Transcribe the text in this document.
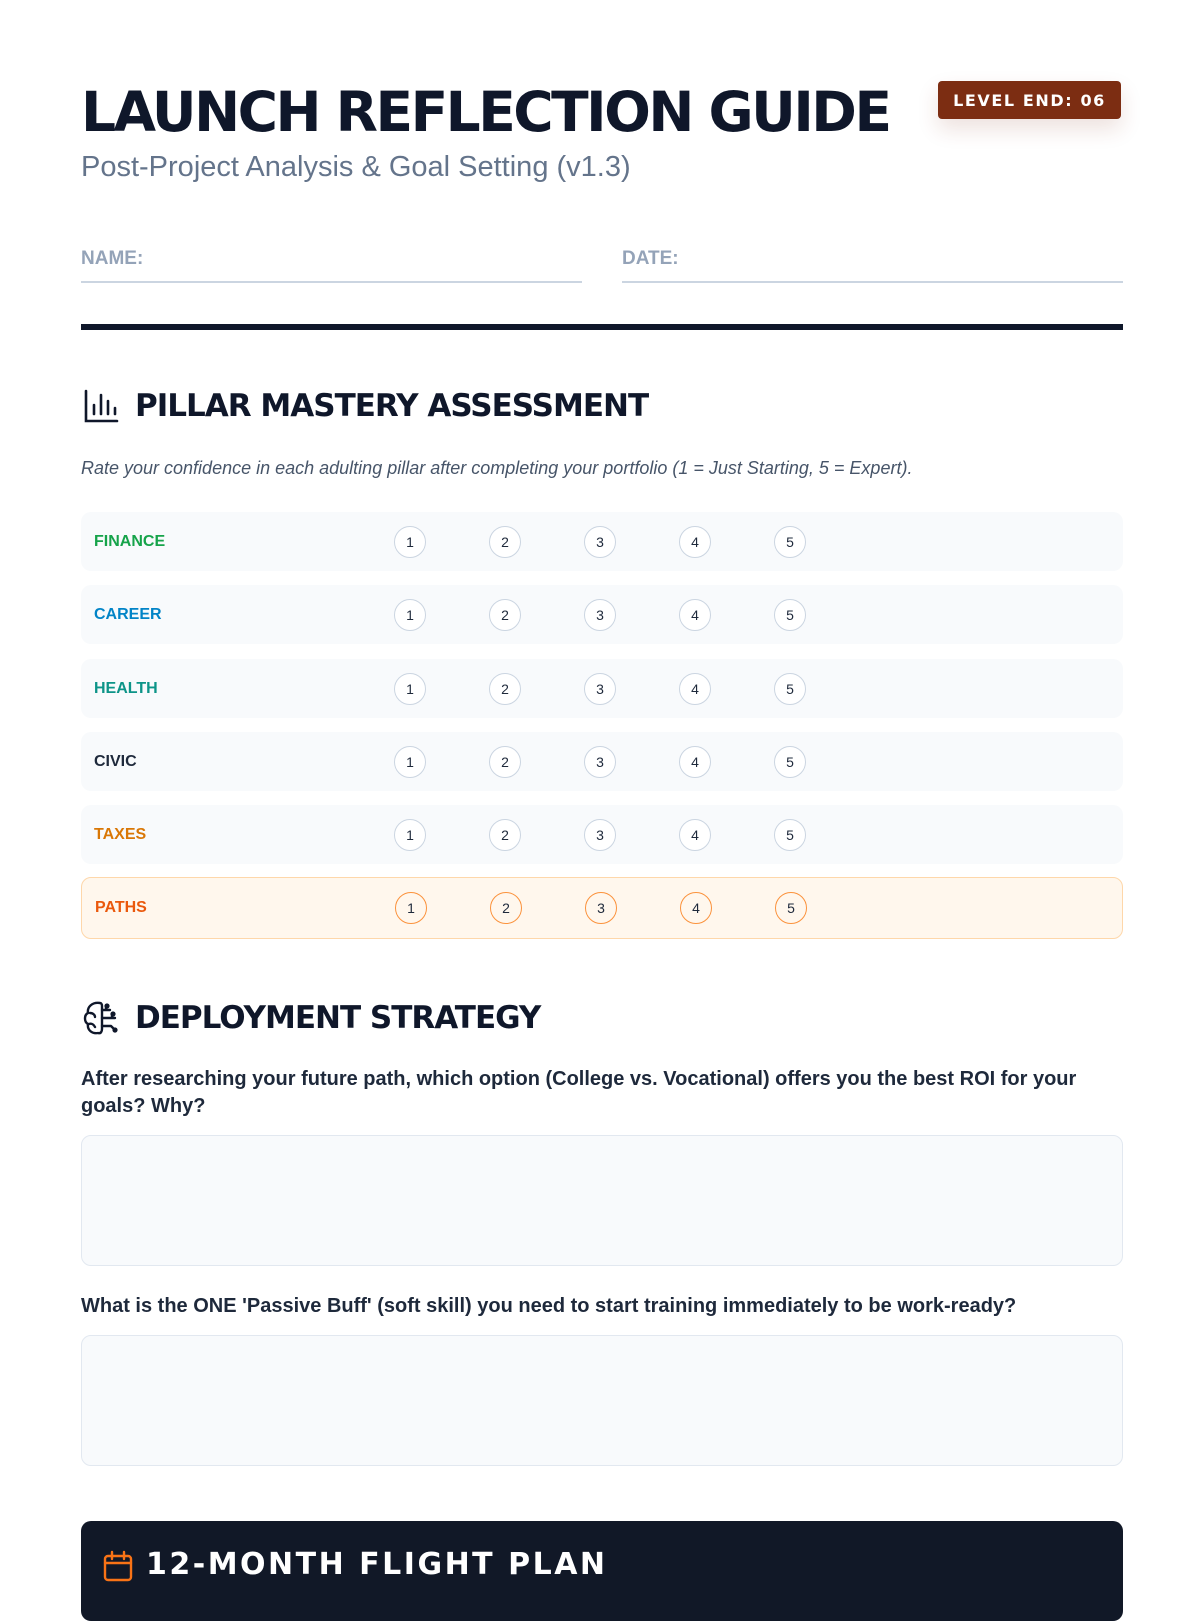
LAUNCH REFLECTION GUIDE

Post-Project Analysis & Goal Setting (v1.3)

LEVEL END: 06
NAME:	DATE:
PILLAR MASTERY ASSESSMENT

Rate your confidence in each adulting pillar after completing your portfolio (1 = Just Starting, 5 = Expert).

FINANCE	1	2	3	4	5
CAREER	1	2	3	4	5
HEALTH	1	2	3	4	5
CIVIC	1	2	3	4	5
TAXES	1	2	3	4	5
PATHS	1	2	3	4	5
DEPLOYMENT STRATEGY

After researching your future path, which option (College vs. Vocational) offers you the best ROI for your goals? Why?

What is the ONE 'Passive Buff' (soft skill) you need to start training immediately to be work-ready?

12-MONTH FLIGHT PLAN
